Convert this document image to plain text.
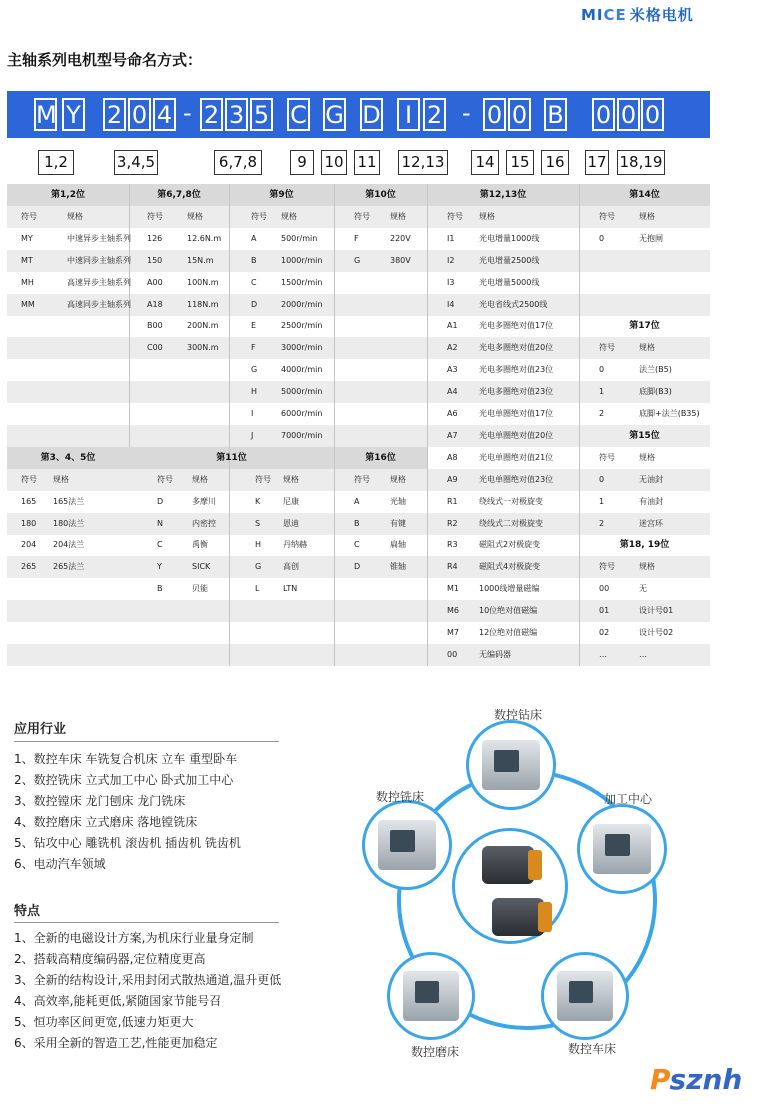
MICE 米格电机
主轴系列电机型号命名方式：
M Y 2 0 4 - 2 3 5 C G D	I 2 - 0 0 B 0 0 0
1,2	3,4,5	6,7,8	9	10 11 12,13 14 15 16 17 18,19
第1,2位
符号	规格
MY	中速异步主轴系列
MT	中速同步主轴系列
MH	高速异步主轴系列
MM	高速同步主轴系列
第6,7,8位
符号	规格
126	12.6N.m
150	15N.m
A00	100N.m
A18	118N.m
B00	200N.m
C00	300N.m
第9位
符号 规格
A	500r/min
B	1000r/min
C	1500r/min
D	2000r/min
E	2500r/min
F	3000r/min
G	4000r/min
H	5000r/min
I	6000r/min
J	7000r/min
第10位
符号	规格
F	220V
G	380V
第12,13位
符号 规格
I1	光电增量1000线
I2	光电增量2500线
I3	光电增量5000线
I4	光电省线式2500线
A1	光电多圈绝对值17位
A2	光电多圈绝对值20位
A3	光电多圈绝对值23位
A4	光电多圈绝对值23位
A6	光电单圈绝对值17位
A7	光电单圈绝对值20位
A8	光电单圈绝对值21位
A9	光电单圈绝对值23位
R1	绕线式一对极旋变
R2	绕线式二对极旋变
R3	磁阻式2对极旋变
R4	磁阻式4对极旋变
M1	1000线增量磁编
M6	10位绝对值磁编
M7	12位绝对值磁编
00	无编码器
第14位
符号	规格
0	无抱闸
第17位
符号	规格
0	法兰(B5)
1	底脚(B3)
2	底脚+法兰(B35)
第15位
符号	规格
0	无油封
1	有油封
2	迷宫环
第18, 19位
符号	规格
00	无
01	设计号01
02	设计号02
…	…
第3、4、5位
符号 规格
165 165法兰
180 180法兰
204 204法兰
265 265法兰
第16位
符号	规格
A	光轴
B	有键
C	扁轴
D	锥轴
第11位
符号 规格	符号 规格
D	多摩川	K	尼康
N	内密控	S	恩迪
C	禹衡	H	丹纳赫
Y	SICK	G	高创
B	贝能	L	LTN
应用行业
1、数控车床 车铣复合机床 立车 重型卧车
2、数控铣床 立式加工中心 卧式加工中心
3、数控镗床 龙门刨床 龙门铣床
4、数控磨床 立式磨床 落地镗铣床
5、钻攻中心 雕铣机 滚齿机 插齿机 铣齿机
6、电动汽车领域
特点
1、全新的电磁设计方案,为机床行业量身定制
2、搭载高精度编码器,定位精度更高
3、全新的结构设计,采用封闭式散热通道,温升更低
4、高效率,能耗更低,紧随国家节能号召
5、恒功率区间更宽,低速力矩更大
6、采用全新的智造工艺,性能更加稳定
数控钻床
数控铣床	加工中心
数控磨床	数控车床
Psznh
